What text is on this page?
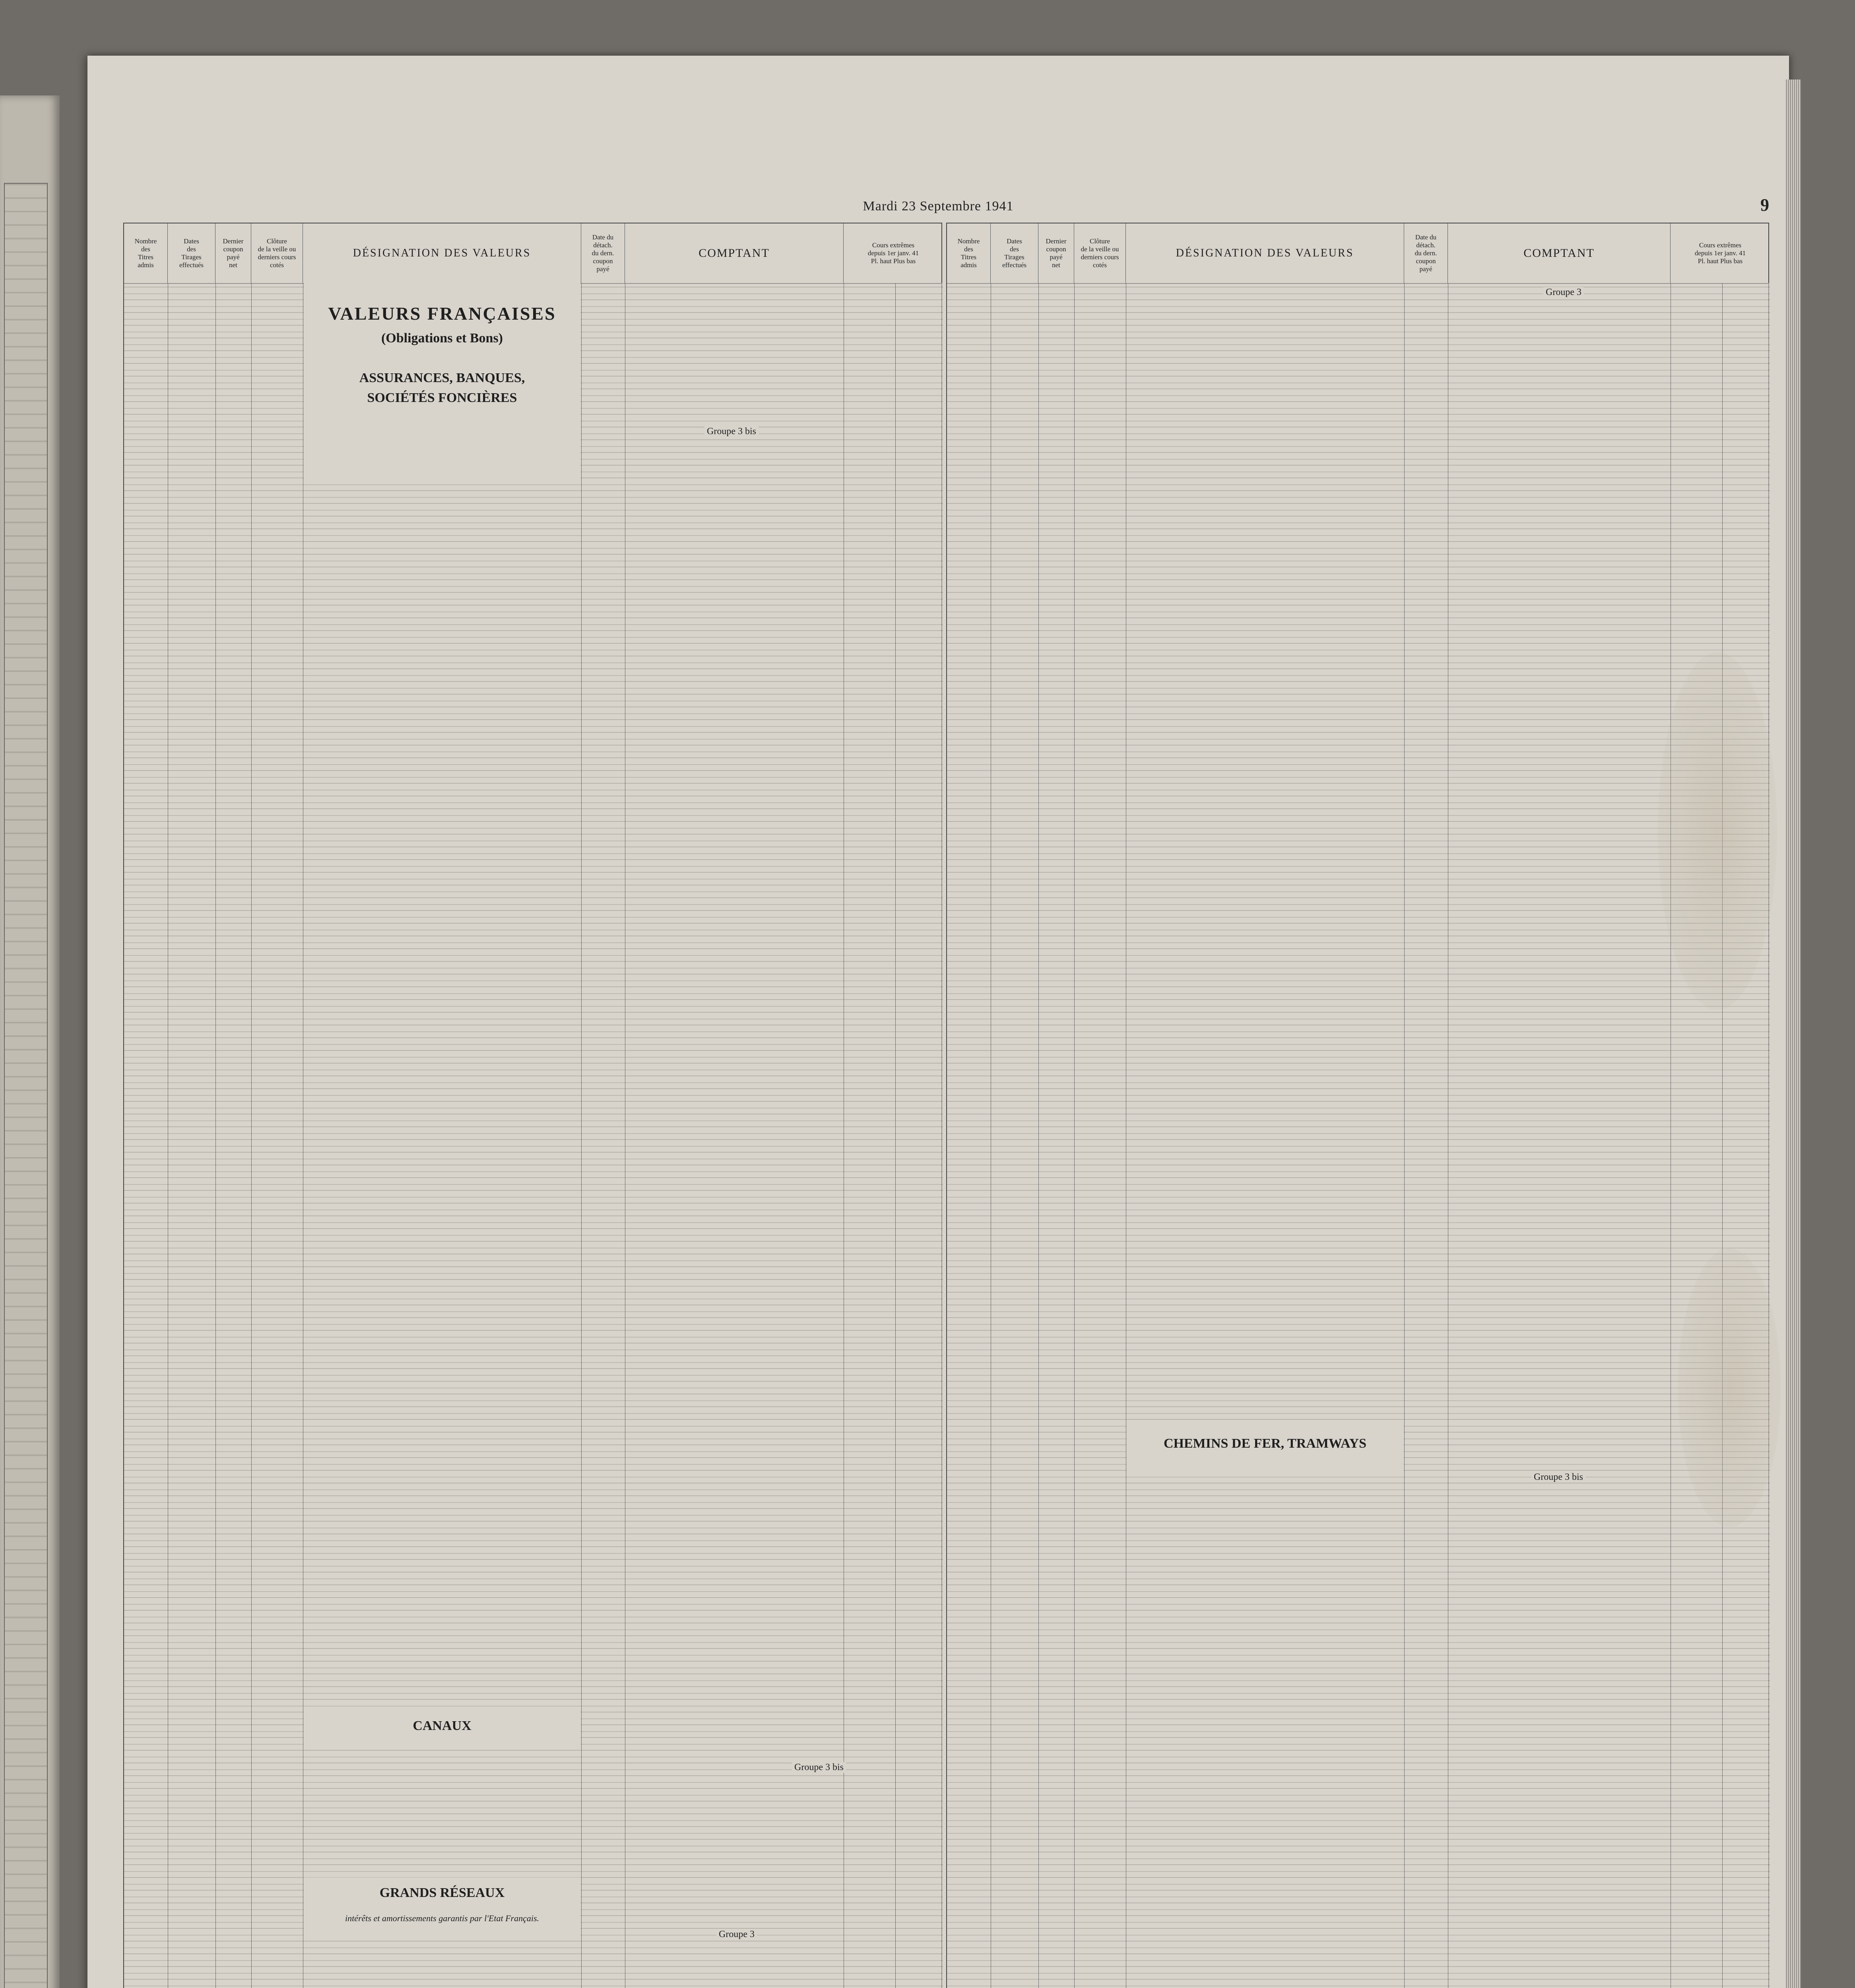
Mardi 23 Septembre 1941	9
Nombre
des
Titres
admis
Dates
des
Tirages
effectués
Dernier
coupon
payé
net
Clôture
de la veille ou
derniers cours
cotés
DÉSIGNATION DES VALEURS
Date du
détach.
du dern.
coupon
payé
COMPTANT
Cours extrêmes
depuis 1er janv. 41
Pl. haut Plus bas
VALEURS FRANÇAISES
(Obligations et Bons)
ASSURANCES, BANQUES,
SOCIÉTÉS FONCIÈRES
Groupe 3 bis
CANAUX
Groupe 3 bis
GRANDS RÉSEAUX
intérêts et amortissements garantis par l'Etat Français.
Groupe 3
Nombre
des
Titres
admis
Dates
des
Tirages
effectués
Dernier
coupon
payé
net
Clôture
de la veille ou
derniers cours
cotés
DÉSIGNATION DES VALEURS
Date du
détach.
du dern.
coupon
payé
COMPTANT
Cours extrêmes
depuis 1er janv. 41
Pl. haut Plus bas
Groupe 3
CHEMINS DE FER, TRAMWAYS
Groupe 3 bis
